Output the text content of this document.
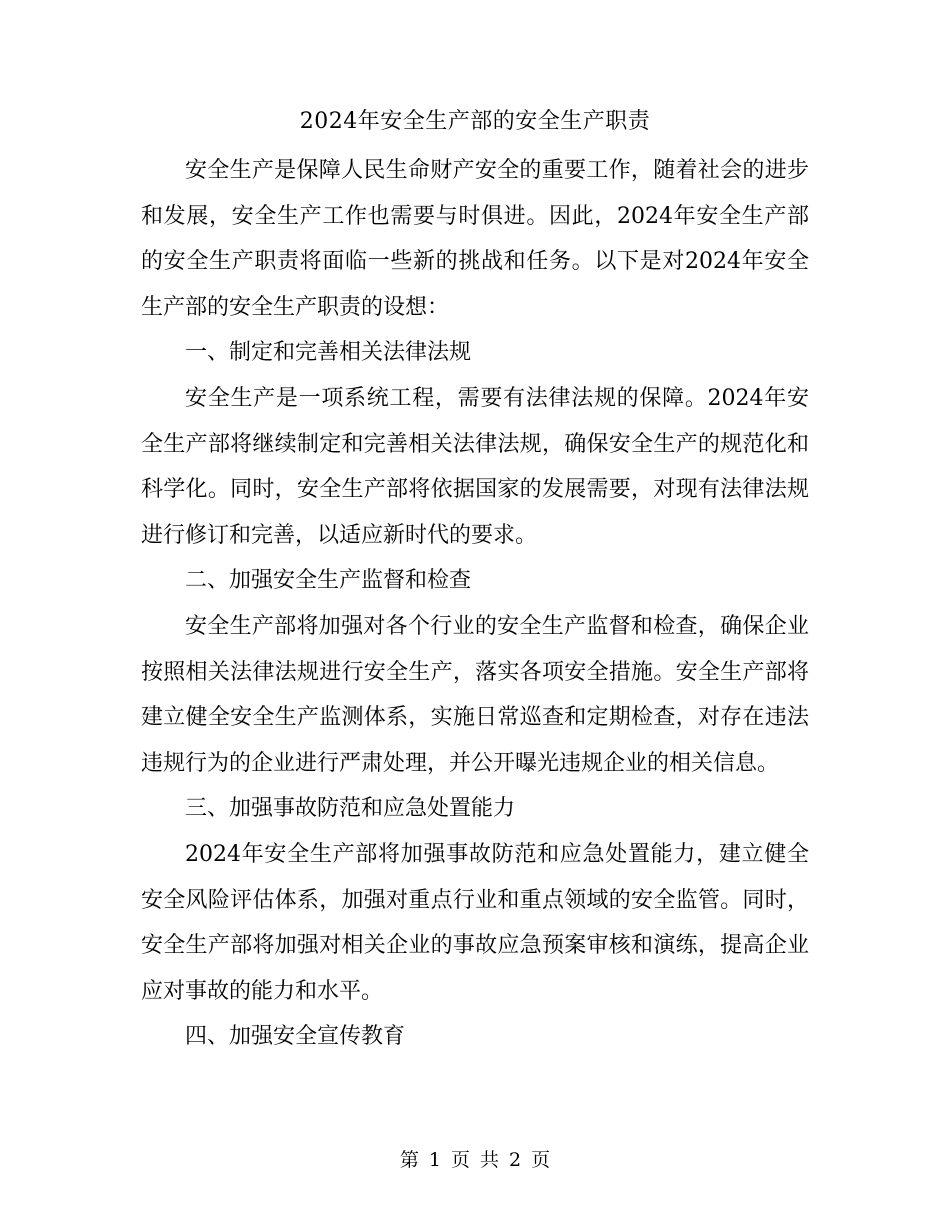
2024年安全生产部的安全生产职责

安全生产是保障人民生命财产安全的重要工作，随着社会的进步和发展，安全生产工作也需要与时俱进。因此，2024年安全生产部的安全生产职责将面临一些新的挑战和任务。以下是对2024年安全生产部的安全生产职责的设想：

一、制定和完善相关法律法规

安全生产是一项系统工程，需要有法律法规的保障。2024年安全生产部将继续制定和完善相关法律法规，确保安全生产的规范化和科学化。同时，安全生产部将依据国家的发展需要，对现有法律法规进行修订和完善，以适应新时代的要求。

二、加强安全生产监督和检查

安全生产部将加强对各个行业的安全生产监督和检查，确保企业按照相关法律法规进行安全生产，落实各项安全措施。安全生产部将建立健全安全生产监测体系，实施日常巡查和定期检查，对存在违法违规行为的企业进行严肃处理，并公开曝光违规企业的相关信息。

三、加强事故防范和应急处置能力

2024年安全生产部将加强事故防范和应急处置能力，建立健全安全风险评估体系，加强对重点行业和重点领域的安全监管。同时，安全生产部将加强对相关企业的事故应急预案审核和演练，提高企业应对事故的能力和水平。

四、加强安全宣传教育

第 1 页 共 2 页
